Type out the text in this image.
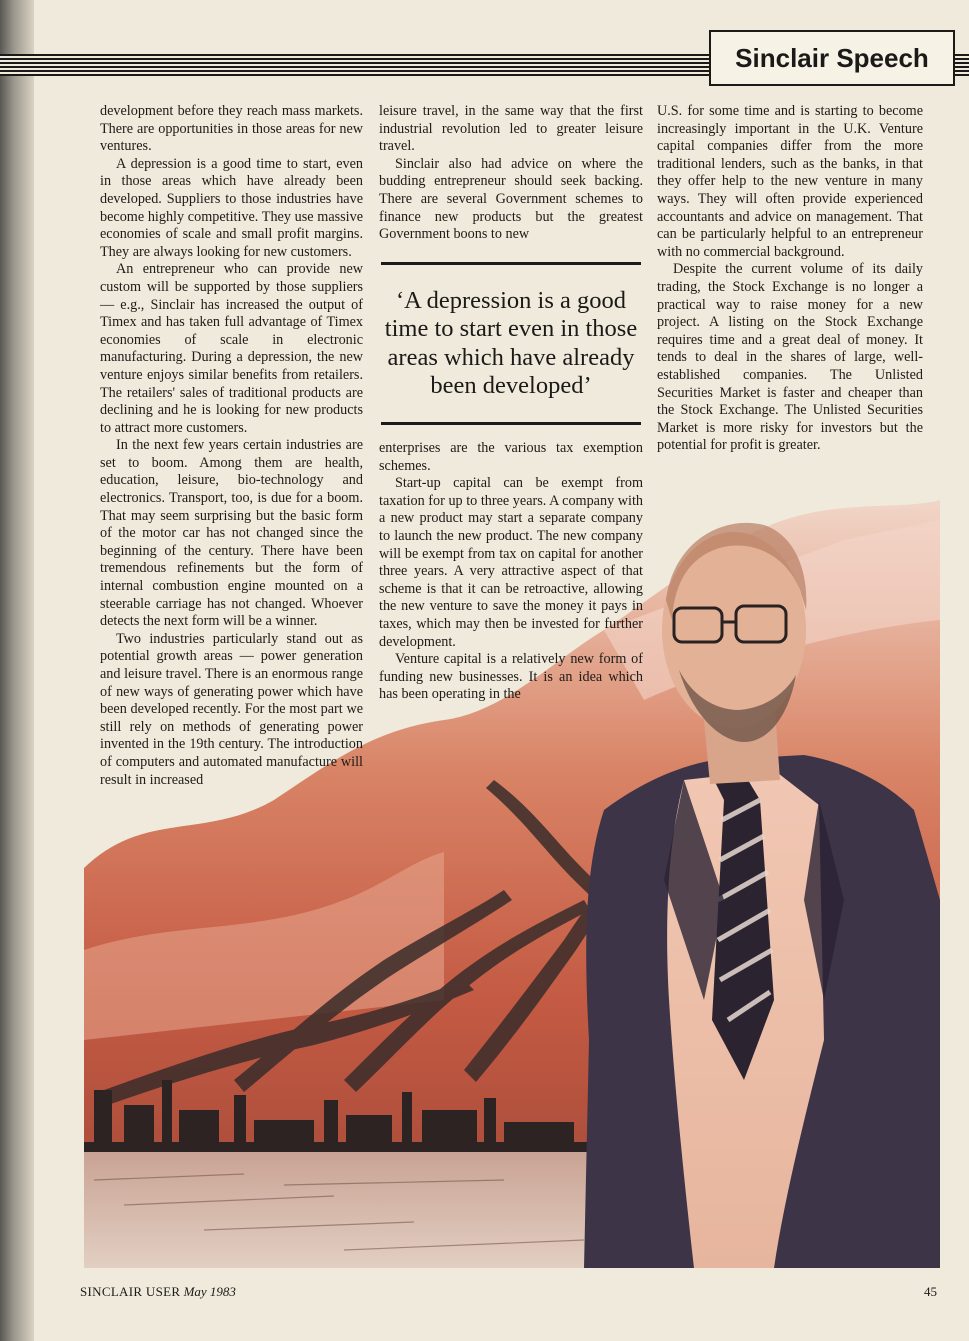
Sinclair Speech

development before they reach mass markets. There are opportunities in those areas for new ventures.

A depression is a good time to start, even in those areas which have already been developed. Suppliers to those industries have become highly competitive. They use massive economies of scale and small profit margins. They are always looking for new customers.

An entrepreneur who can provide new custom will be supported by those suppliers — e.g., Sinclair has increased the output of Timex and has taken full advantage of Timex economies of scale in electronic manufacturing. During a depression, the new venture enjoys similar benefits from retailers. The retailers' sales of traditional products are declining and he is looking for new products to attract more customers.

In the next few years certain industries are set to boom. Among them are health, education, leisure, bio-technology and electronics. Transport, too, is due for a boom. That may seem surprising but the basic form of the motor car has not changed since the beginning of the century. There have been tremendous refinements but the form of internal combustion engine mounted on a steerable carriage has not changed. Whoever detects the next form will be a winner.

Two industries particularly stand out as potential growth areas — power generation and leisure travel. There is an enormous range of new ways of generating power which have been developed recently. For the most part we still rely on methods of generating power invented in the 19th century. The introduction of computers and automated manufacture will result in increased

leisure travel, in the same way that the first industrial revolution led to greater leisure travel.

Sinclair also had advice on where the budding entrepreneur should seek backing. There are several Government schemes to finance new products but the greatest Government boons to new

‘A depression is a good time to start even in those areas which have already been developed’

enterprises are the various tax exemption schemes.

Start-up capital can be exempt from taxation for up to three years. A company with a new product may start a separate company to launch the new product. The new company will be exempt from tax on capital for another three years. A very attractive aspect of that scheme is that it can be retroactive, allowing the new venture to save the money it pays in taxes, which may then be invested for further development.

Venture capital is a relatively new form of funding new businesses. It is an idea which has been operating in the

U.S. for some time and is starting to become increasingly important in the U.K. Venture capital companies differ from the more traditional lenders, such as the banks, in that they offer help to the new venture in many ways. They will often provide experienced accountants and advice on management. That can be particularly helpful to an entrepreneur with no commercial background.

Despite the current volume of its daily trading, the Stock Exchange is no longer a practical way to raise money for a new project. A listing on the Stock Exchange requires time and a great deal of money. It tends to deal in the shares of large, well-established companies. The Unlisted Securities Market is faster and cheaper than the Stock Exchange. The Unlisted Securities Market is more risky for investors but the potential for profit is greater.

SINCLAIR USER May 1983	45
